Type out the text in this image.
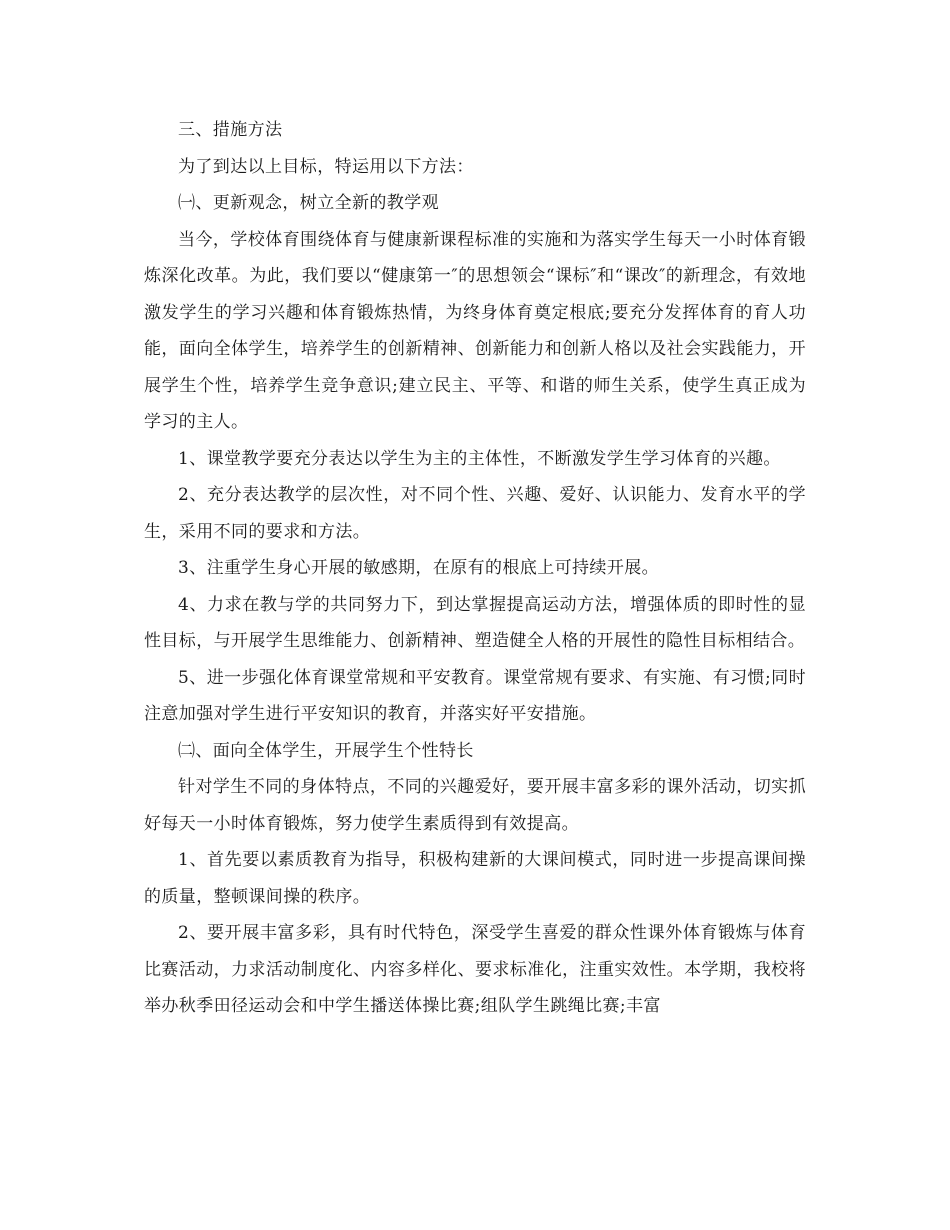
三、措施方法

为了到达以上目标，特运用以下方法：

㈠、更新观念，树立全新的教学观

当今，学校体育围绕体育与健康新课程标准的实施和为落实学生每天一小时体育锻炼深化改革。为此，我们要以“健康第一″的思想领会“课标″和“课改″的新理念，有效地激发学生的学习兴趣和体育锻炼热情，为终身体育奠定根底;要充分发挥体育的育人功能，面向全体学生，培养学生的创新精神、创新能力和创新人格以及社会实践能力，开展学生个性，培养学生竞争意识;建立民主、平等、和谐的师生关系，使学生真正成为学习的主人。

1、课堂教学要充分表达以学生为主的主体性，不断激发学生学习体育的兴趣。

2、充分表达教学的层次性，对不同个性、兴趣、爱好、认识能力、发育水平的学生，采用不同的要求和方法。

3、注重学生身心开展的敏感期，在原有的根底上可持续开展。

4、力求在教与学的共同努力下，到达掌握提高运动方法，增强体质的即时性的显性目标，与开展学生思维能力、创新精神、塑造健全人格的开展性的隐性目标相结合。

5、进一步强化体育课堂常规和平安教育。课堂常规有要求、有实施、有习惯;同时注意加强对学生进行平安知识的教育，并落实好平安措施。

㈡、面向全体学生，开展学生个性特长

针对学生不同的身体特点，不同的兴趣爱好，要开展丰富多彩的课外活动，切实抓好每天一小时体育锻炼，努力使学生素质得到有效提高。

1、首先要以素质教育为指导，积极构建新的大课间模式，同时进一步提高课间操的质量，整顿课间操的秩序。

2、要开展丰富多彩，具有时代特色，深受学生喜爱的群众性课外体育锻炼与体育比赛活动，力求活动制度化、内容多样化、要求标准化，注重实效性。本学期，我校将举办秋季田径运动会和中学生播送体操比赛;组队学生跳绳比赛;丰富
